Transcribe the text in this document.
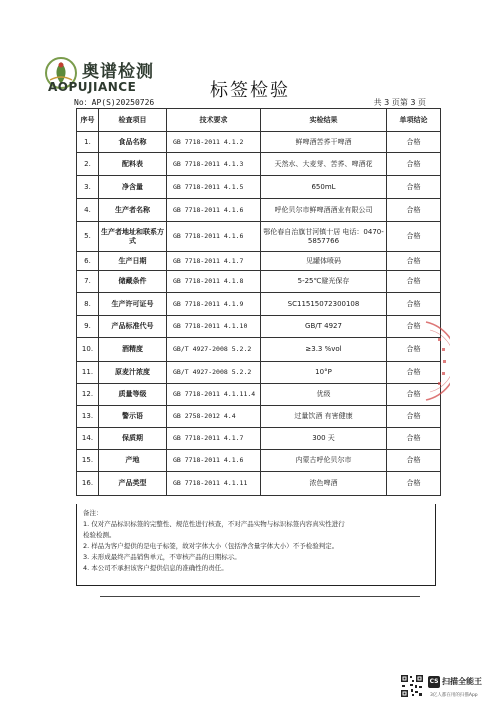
奥谱检测
AOPUJIANCE	标签检验
No：AP(S)20250726	共 3 页第 3 页
序号	检查项目	技术要求	实检结果	单项结论
1.	食品名称	GB 7718-2011 4.1.2	鲜啤酒苦荞干啤酒	合格
2.	配料表	GB 7718-2011 4.1.3	天然水、大麦芽、苦荞、啤酒花	合格
3.	净含量	GB 7718-2011 4.1.5	650mL	合格
4.	生产者名称	GB 7718-2011 4.1.6	呼伦贝尔市鲜啤酒酒业有限公司	合格
5.	生产者地址和联系方式	GB 7718-2011 4.1.6	鄂伦春自治旗甘河镇十居 电话：0470-5857766	合格
6.	生产日期	GB 7718-2011 4.1.7	见罐体喷码	合格
7.	储藏条件	GB 7718-2011 4.1.8	5-25℃避光保存	合格
8.	生产许可证号	GB 7718-2011 4.1.9	SC11515072300108	合格
9.	产品标准代号	GB 7718-2011 4.1.10	GB/T 4927	合格
10.	酒精度	GB/T 4927-2008 5.2.2	≥3.3 %vol	合格
11.	原麦汁浓度	GB/T 4927-2008 5.2.2	10°P	合格
12.	质量等级	GB 7718-2011 4.1.11.4	优级	合格
13.	警示语	GB 2758-2012 4.4	过量饮酒 有害健康	合格
14.	保质期	GB 7718-2011 4.1.7	300 天	合格
15.	产地	GB 7718-2011 4.1.6	内蒙古呼伦贝尔市	合格
16.	产品类型	GB 7718-2011 4.1.11	浓色啤酒	合格
备注：
1. 仅对产品标识标签的完整性、规范性进行核查，不对产品实物与标识标签内容真实性进行
检验检测。
2. 样品为客户提供的是电子标签，故对字体大小（包括净含量字体大小）不予检验判定。
3. 未形成最终产品销售单元，不审核产品的日期标示。
4. 本公司不承担该客户提供信息的准确性的责任。
CS 扫描全能王
3亿人都在用的扫描App
